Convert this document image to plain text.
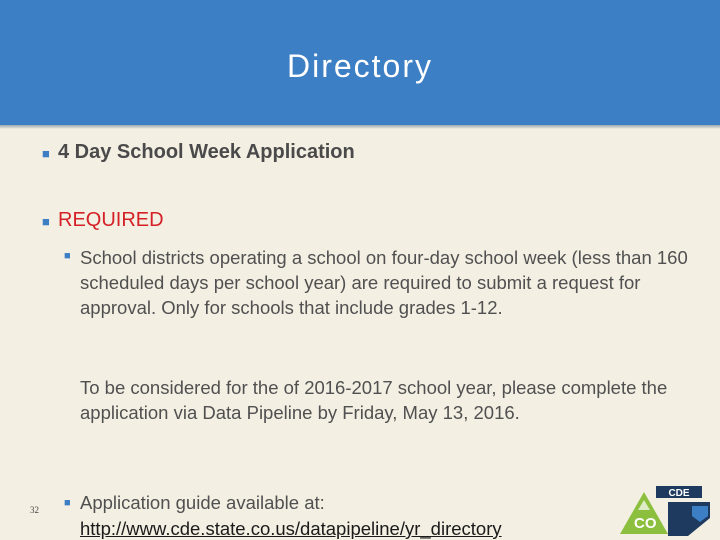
Directory
■ 4 Day School Week Application
■ REQUIRED
■ School districts operating a school on four-day school week (less than 160 scheduled days per school year) are required to submit a request for approval. Only for schools that include grades 1-12.

To be considered for the of 2016-2017 school year, please complete the application via Data Pipeline by Friday, May 13, 2016.

■ Application guide available at:
http://www.cde.state.co.us/datapipeline/yr_directory
32
CDE
CO
